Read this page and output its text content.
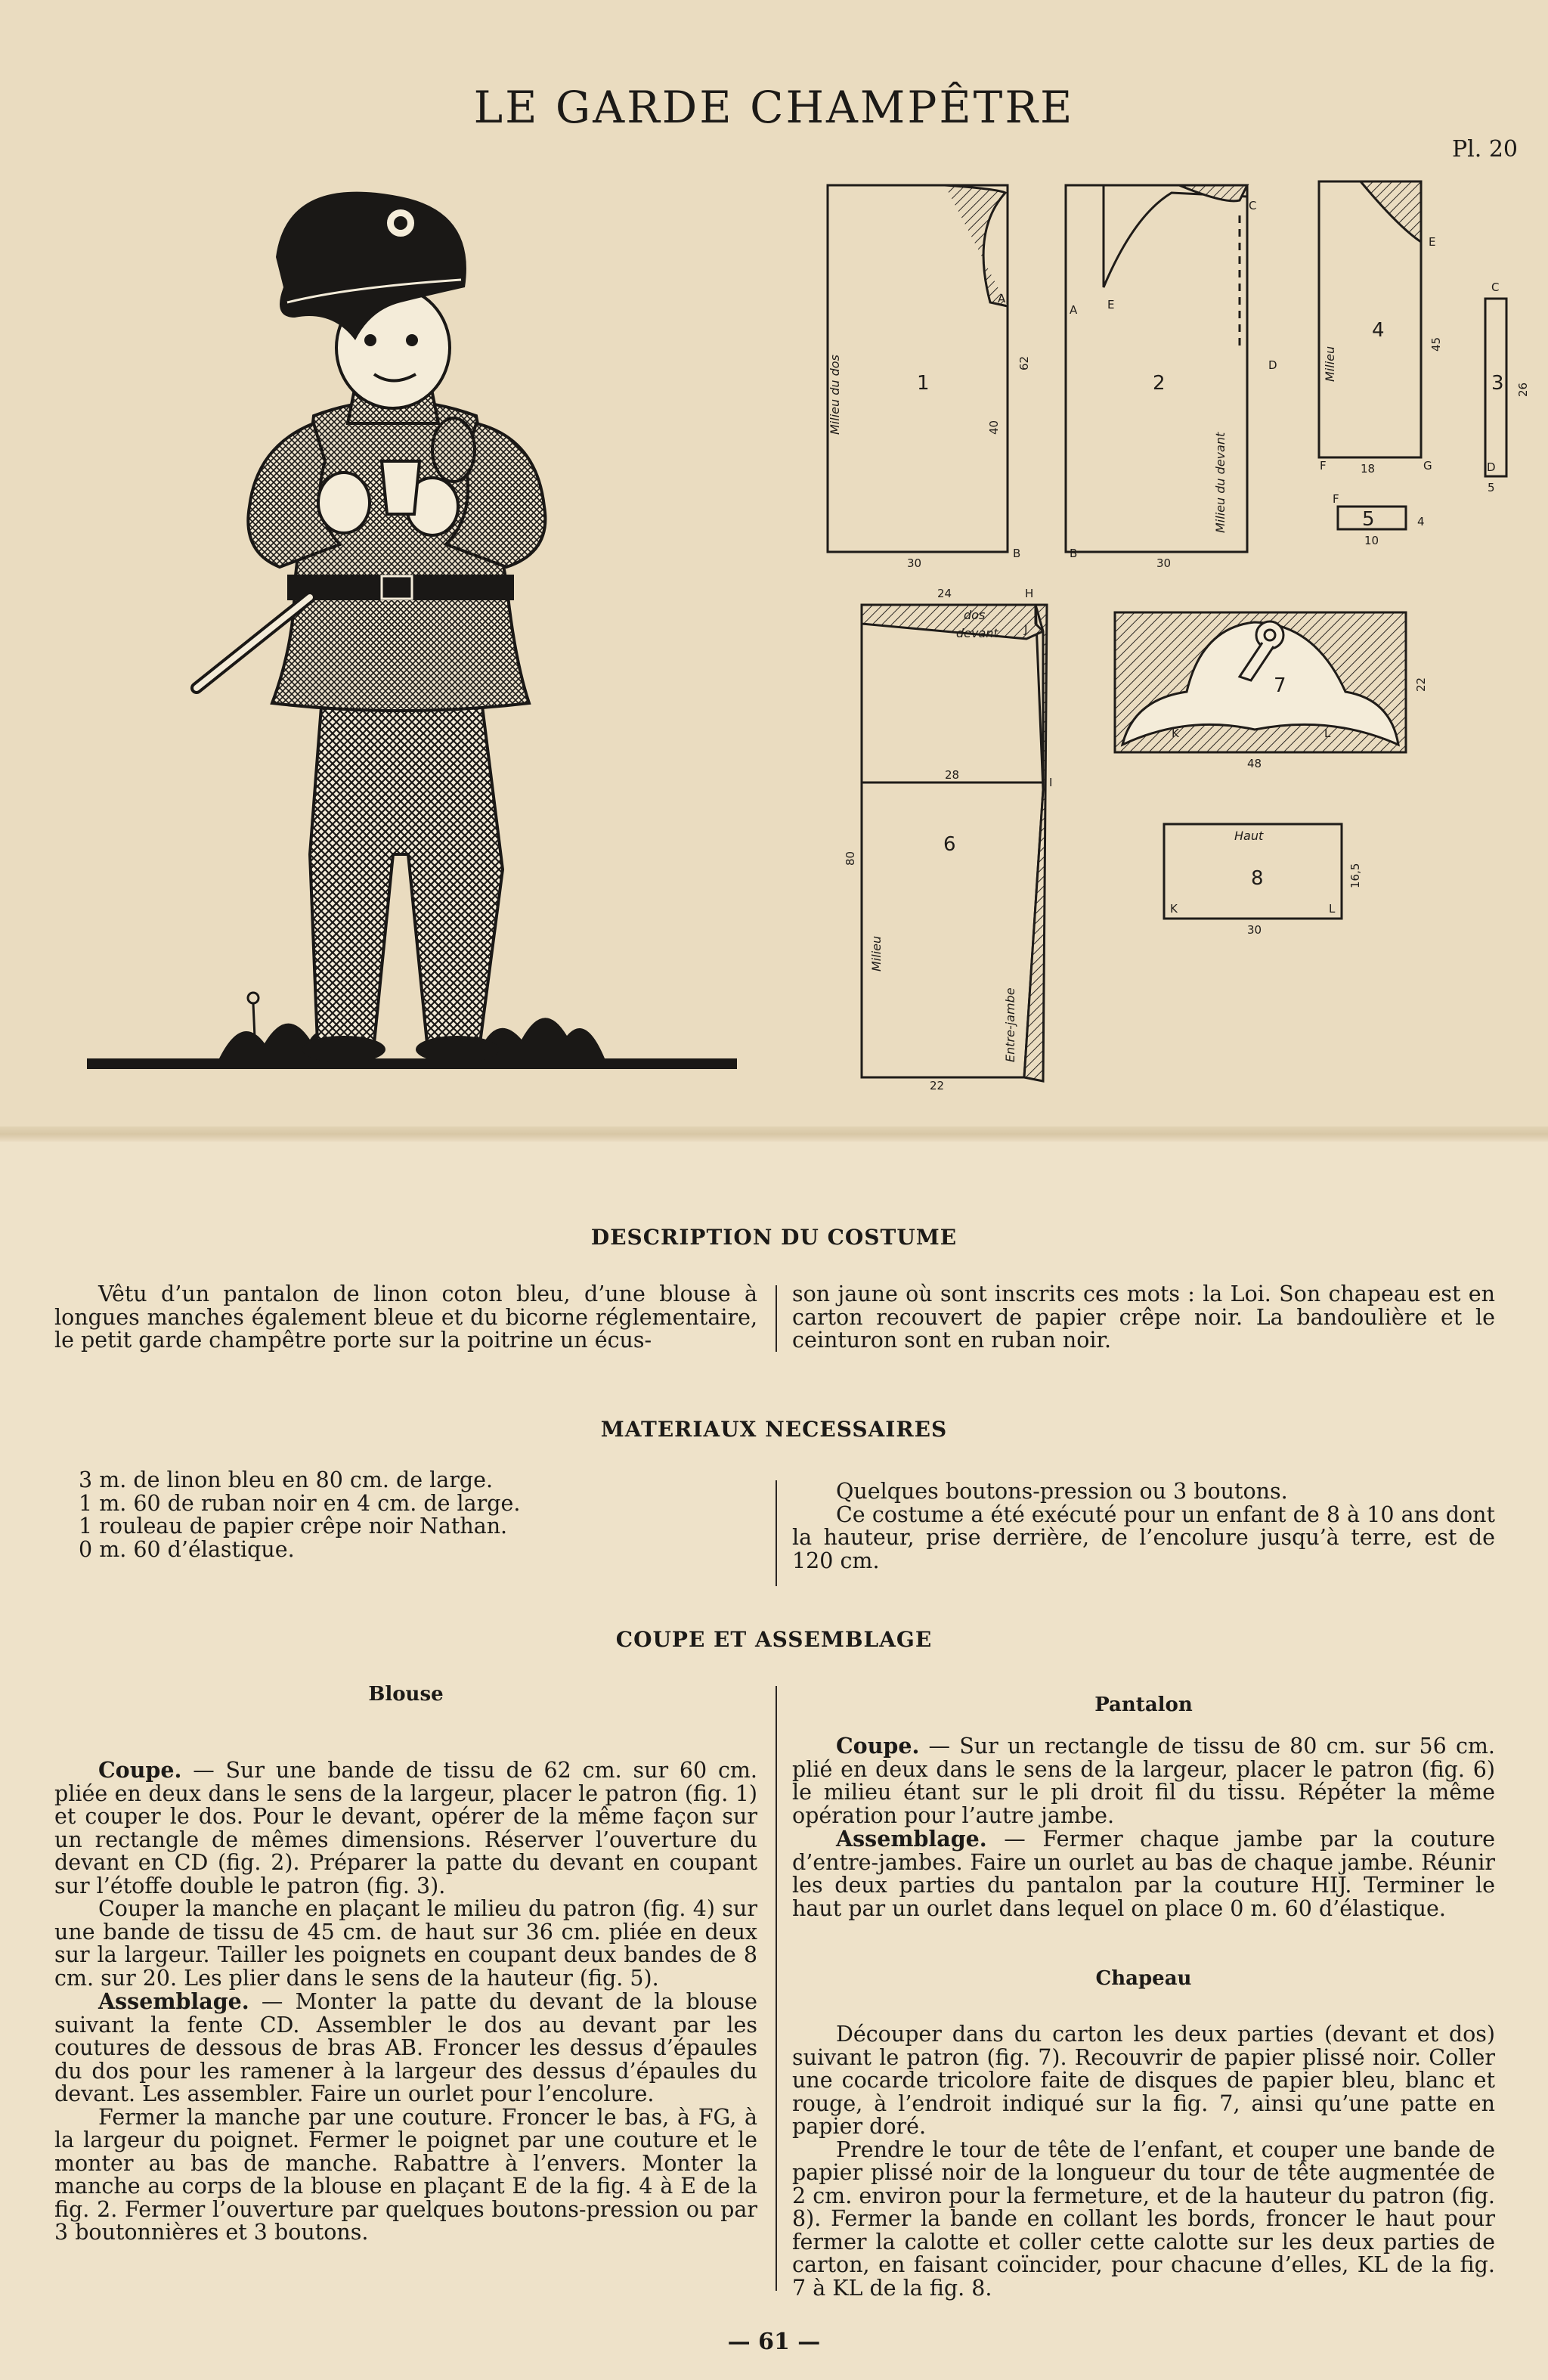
LE GARDE CHAMPÊTRE
Pl. 20
1	2
4
3
5
6
7
8
Milieu du dos
Milieu du devant
Milieu
Milieu
Entre-jambe
dos
devant
Haut
30
40
62
A
B
30
A
B
C
D
E
45
18
E
F	G
26
5
C
D
10
4
F
24
28
22
80
H
I
J
48
22
K	L
30
16,5
K	L
DESCRIPTION DU COSTUME

Vêtu d’un pantalon de linon coton bleu, d’une blouse à longues manches également bleue et du bicorne réglementaire, le petit garde champêtre porte sur la poitrine un écus-

son jaune où sont inscrits ces mots : la Loi. Son chapeau est en carton recouvert de papier crêpe noir. La bandoulière et le ceinturon sont en ruban noir.

MATERIAUX NECESSAIRES

3 m. de linon bleu en 80 cm. de large.

1 m. 60 de ruban noir en 4 cm. de large.

1 rouleau de papier crêpe noir Nathan.

0 m. 60 d’élastique.

Quelques boutons-pression ou 3 boutons.

Ce costume a été exécuté pour un enfant de 8 à 10 ans dont la hauteur, prise derrière, de l’encolure jusqu’à terre, est de 120 cm.

COUPE ET ASSEMBLAGE
Blouse

Coupe. — Sur une bande de tissu de 62 cm. sur 60 cm. pliée en deux dans le sens de la largeur, placer le patron (fig. 1) et couper le dos. Pour le devant, opérer de la même façon sur un rectangle de mêmes dimensions. Réserver l’ouverture du devant en CD (fig. 2). Préparer la patte du devant en coupant sur l’étoffe double le patron (fig. 3).

Couper la manche en plaçant le milieu du patron (fig. 4) sur une bande de tissu de 45 cm. de haut sur 36 cm. pliée en deux sur la largeur. Tailler les poignets en coupant deux bandes de 8 cm. sur 20. Les plier dans le sens de la hauteur (fig. 5).

Assemblage. — Monter la patte du devant de la blouse suivant la fente CD. Assembler le dos au devant par les coutures de dessous de bras AB. Froncer les dessus d’épaules du dos pour les ramener à la largeur des dessus d’épaules du devant. Les assembler. Faire un ourlet pour l’encolure.

Fermer la manche par une couture. Froncer le bas, à FG, à la largeur du poignet. Fermer le poignet par une couture et le monter au bas de manche. Rabattre à l’envers. Monter la manche au corps de la blouse en plaçant E de la fig. 4 à E de la fig. 2. Fermer l’ouverture par quelques boutons-pression ou par 3 boutonnières et 3 boutons.

Pantalon

Coupe. — Sur un rectangle de tissu de 80 cm. sur 56 cm. plié en deux dans le sens de la largeur, placer le patron (fig. 6) le milieu étant sur le pli droit fil du tissu. Répéter la même opération pour l’autre jambe.

Assemblage. — Fermer chaque jambe par la couture d’entre-jambes. Faire un ourlet au bas de chaque jambe. Réunir les deux parties du pantalon par la couture HIJ. Terminer le haut par un ourlet dans lequel on place 0 m. 60 d’élastique.

Chapeau

Découper dans du carton les deux parties (devant et dos) suivant le patron (fig. 7). Recouvrir de papier plissé noir. Coller une cocarde tricolore faite de disques de papier bleu, blanc et rouge, à l’endroit indiqué sur la fig. 7, ainsi qu’une patte en papier doré.

Prendre le tour de tête de l’enfant, et couper une bande de papier plissé noir de la longueur du tour de tête augmentée de 2 cm. environ pour la fermeture, et de la hauteur du patron (fig. 8). Fermer la bande en collant les bords, froncer le haut pour fermer la calotte et coller cette calotte sur les deux parties de carton, en faisant coïncider, pour chacune d’elles, KL de la fig. 7 à KL de la fig. 8.

— 61 —
